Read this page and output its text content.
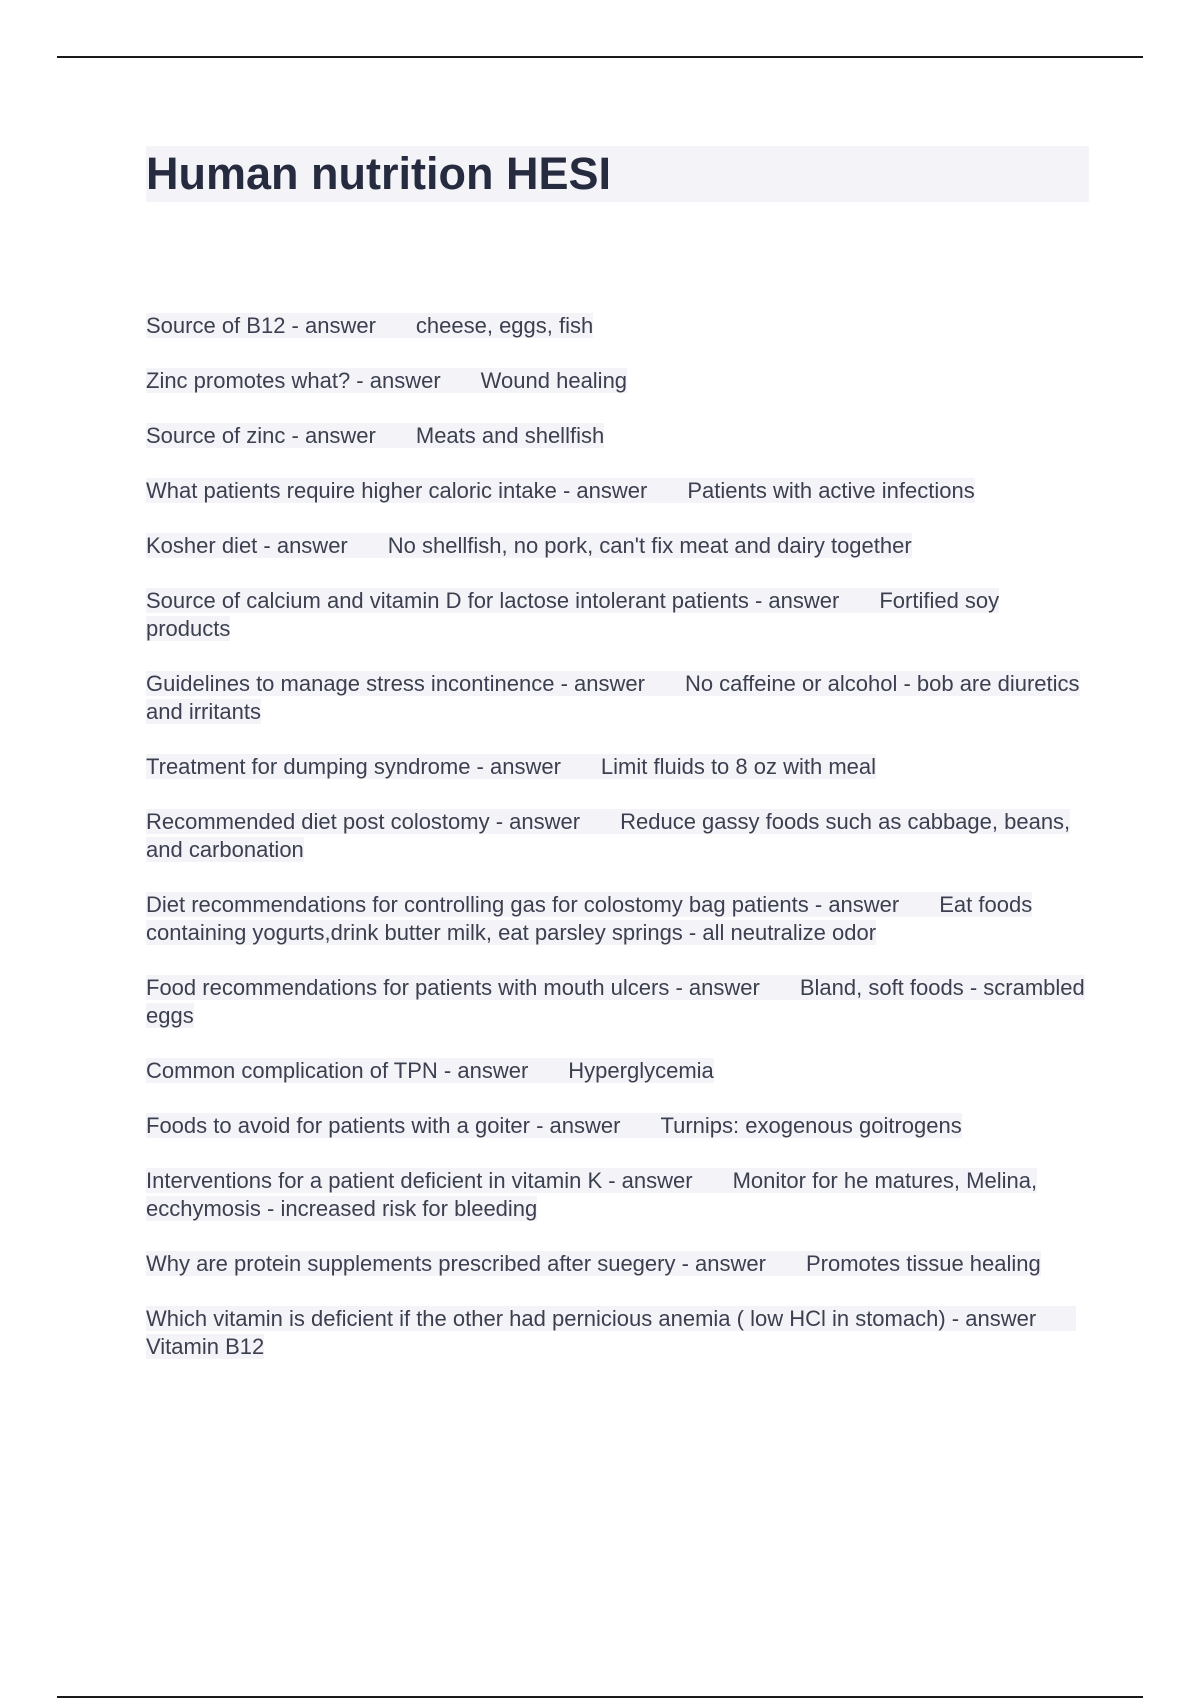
Human nutrition HESI

Source of B12 - answer cheese, eggs, fish

Zinc promotes what? - answer Wound healing

Source of zinc - answer Meats and shellfish

What patients require higher caloric intake - answer Patients with active infections

Kosher diet - answer No shellfish, no pork, can't fix meat and dairy together

Source of calcium and vitamin D for lactose intolerant patients - answer Fortified soy products

Guidelines to manage stress incontinence - answer No caffeine or alcohol - bob are diuretics and irritants

Treatment for dumping syndrome - answer Limit fluids to 8 oz with meal

Recommended diet post colostomy - answer Reduce gassy foods such as cabbage, beans, and carbonation

Diet recommendations for controlling gas for colostomy bag patients - answer Eat foods containing yogurts,drink butter milk, eat parsley springs - all neutralize odor

Food recommendations for patients with mouth ulcers - answer Bland, soft foods - scrambled eggs

Common complication of TPN - answer Hyperglycemia

Foods to avoid for patients with a goiter - answer Turnips: exogenous goitrogens

Interventions for a patient deficient in vitamin K - answer Monitor for he matures, Melina, ecchymosis - increased risk for bleeding

Why are protein supplements prescribed after suegery - answer Promotes tissue healing

Which vitamin is deficient if the other had pernicious anemia ( low HCl in stomach) - answerVitamin B12
